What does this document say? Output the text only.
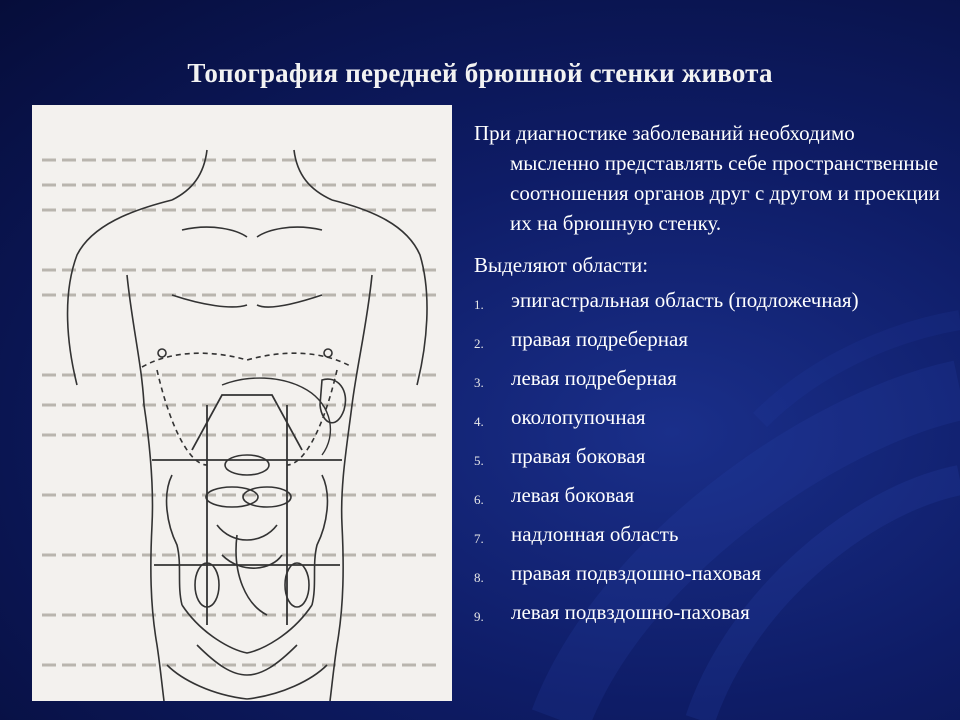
Топография передней брюшной стенки живота

При диагностике заболеваний необходимо мысленно представлять себе пространственные соотношения органов друг с другом и проекции их на брюшную стенку.

Выделяют области:
1.	эпигастральная область (подложечная)
2.	правая подреберная
3.	левая подреберная
4.	околопупочная
5.	правая боковая
6.	левая боковая
7.	надлонная область
8.	правая подвздошно-паховая
9.	левая подвздошно-паховая
